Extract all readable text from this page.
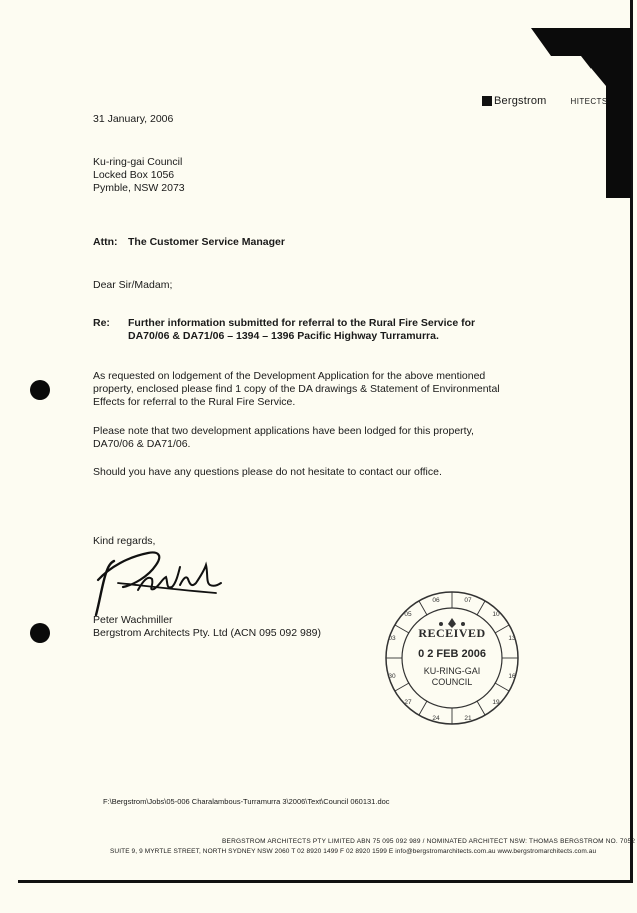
Bergstrom	HITECTS
31 January, 2006
Ku-ring-gai Council
Locked Box 1056
Pymble, NSW 2073
Attn: The Customer Service Manager
Dear Sir/Madam;
Re: Further information submitted for referral to the Rural Fire Service for
DA70/06 & DA71/06 – 1394 – 1396 Pacific Highway Turramurra.
As requested on lodgement of the Development Application for the above mentioned
property, enclosed please find 1 copy of the DA drawings & Statement of Environmental
Effects for referral to the Rural Fire Service.
Please note that two development applications have been lodged for this property,
DA70/06 & DA71/06.
Should you have any questions please do not hesitate to contact our office.
Kind regards,
Peter Wachmiller
Bergstrom Architects Pty. Ltd (ACN 095 092 989)
07
10
13
16
19
21
24
27
30
03
05
06
RECEIVED
0 2 FEB 2006
KU-RING-GAI
COUNCIL
F:\Bergstrom\Jobs\05-006 Charalambous-Turramurra 3\2006\Text\Council 060131.doc
BERGSTROM ARCHITECTS PTY LIMITED ABN 75 095 092 989 / NOMINATED ARCHITECT NSW: THOMAS BERGSTROM NO. 7052
SUITE 9, 9 MYRTLE STREET, NORTH SYDNEY NSW 2060 T 02 8920 1499 F 02 8920 1599 E info@bergstromarchitects.com.au www.bergstromarchitects.com.au
